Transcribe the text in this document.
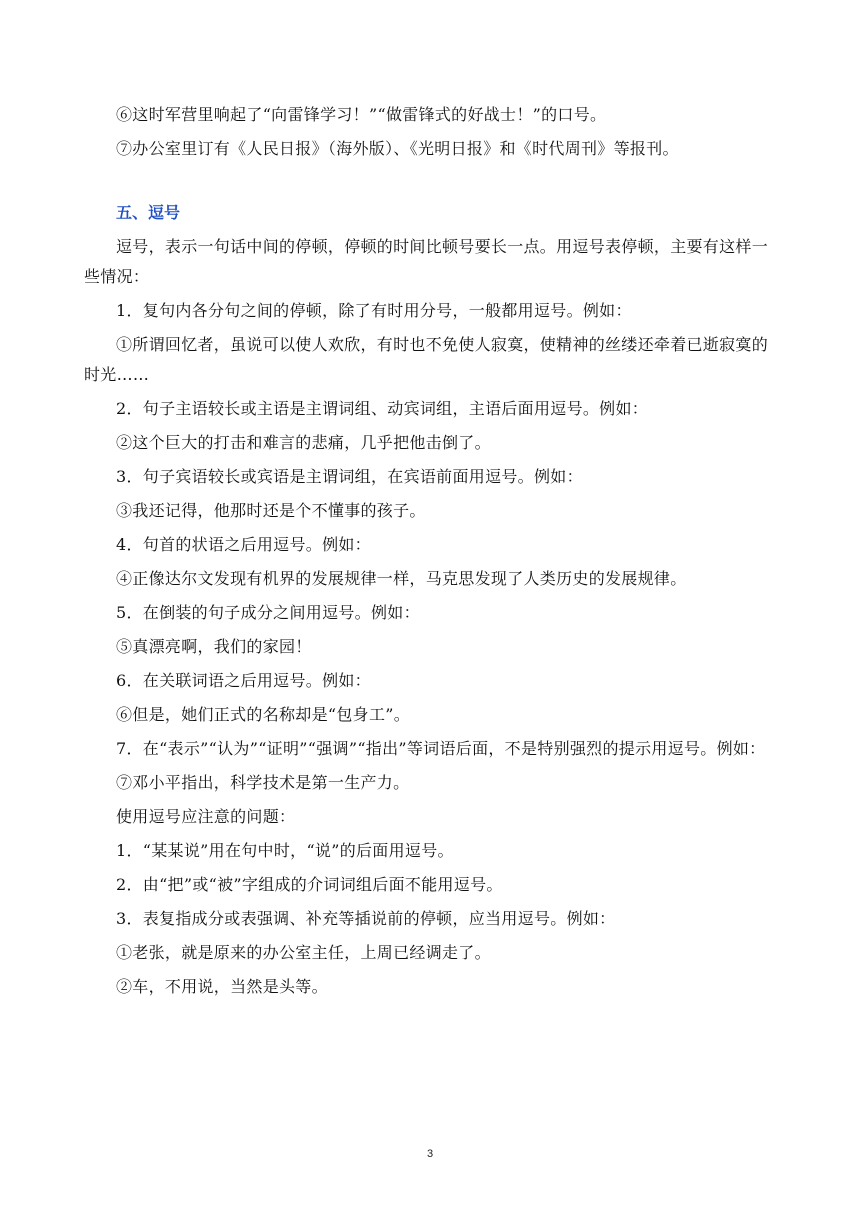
⑥这时军营里响起了“向雷锋学习！”“做雷锋式的好战士！”的口号。

⑦办公室里订有《人民日报》（海外版）、《光明日报》和《时代周刊》等报刊。

五、逗号

逗号，表示一句话中间的停顿，停顿的时间比顿号要长一点。用逗号表停顿，主要有这样一些情况：

1．复句内各分句之间的停顿，除了有时用分号，一般都用逗号。例如：

①所谓回忆者，虽说可以使人欢欣，有时也不免使人寂寞，使精神的丝缕还牵着已逝寂寞的时光……

2．句子主语较长或主语是主谓词组、动宾词组，主语后面用逗号。例如：

②这个巨大的打击和难言的悲痛，几乎把他击倒了。

3．句子宾语较长或宾语是主谓词组，在宾语前面用逗号。例如：

③我还记得，他那时还是个不懂事的孩子。

4．句首的状语之后用逗号。例如：

④正像达尔文发现有机界的发展规律一样，马克思发现了人类历史的发展规律。

5．在倒装的句子成分之间用逗号。例如：

⑤真漂亮啊，我们的家园！

6．在关联词语之后用逗号。例如：

⑥但是，她们正式的名称却是“包身工”。

7．在“表示”“认为”“证明”“强调”“指出”等词语后面，不是特别强烈的提示用逗号。例如：

⑦邓小平指出，科学技术是第一生产力。

使用逗号应注意的问题：

1．“某某说”用在句中时，“说”的后面用逗号。

2．由“把”或“被”字组成的介词词组后面不能用逗号。

3．表复指成分或表强调、补充等插说前的停顿，应当用逗号。例如：

①老张，就是原来的办公室主任，上周已经调走了。

②车，不用说，当然是头等。

3
